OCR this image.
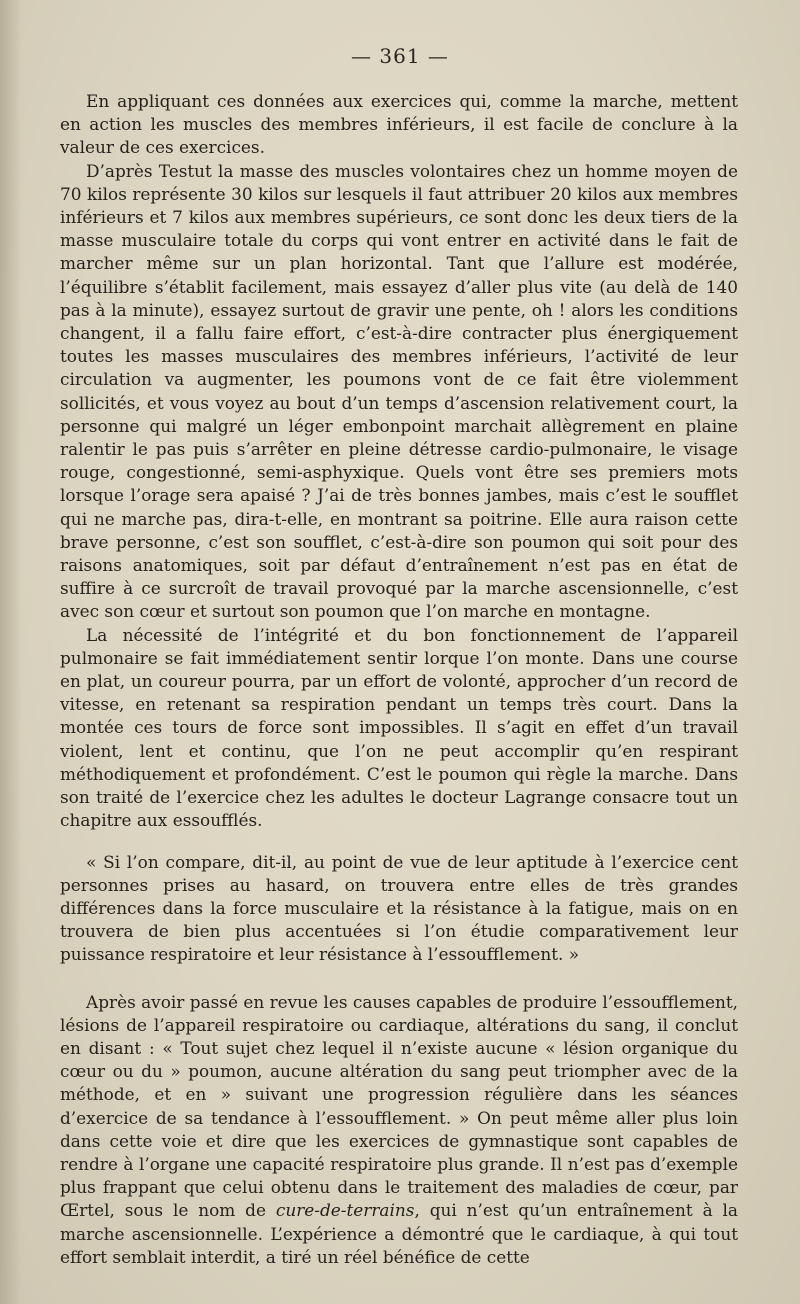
— 361 —

En appliquant ces données aux exercices qui, comme la marche, mettent en action les muscles des membres inférieurs, il est facile de conclure à la valeur de ces exercices.

D’après Testut la masse des muscles volontaires chez un homme moyen de 70 kilos représente 30 kilos sur lesquels il faut attribuer 20 kilos aux membres inférieurs et 7 kilos aux membres supérieurs, ce sont donc les deux tiers de la masse musculaire totale du corps qui vont entrer en activité dans le fait de marcher même sur un plan horizontal. Tant que l’allure est modérée, l’équilibre s’établit facilement, mais essayez d’aller plus vite (au delà de 140 pas à la minute), essayez surtout de gravir une pente, oh ! alors les conditions changent, il a fallu faire effort, c’est-à-dire contracter plus énergiquement toutes les masses musculaires des membres inférieurs, l’activité de leur circulation va augmenter, les poumons vont de ce fait être violemment sollicités, et vous voyez au bout d’un temps d’ascension relativement court, la personne qui malgré un léger embonpoint marchait allègrement en plaine ralentir le pas puis s’arrêter en pleine détresse cardio-pulmonaire, le visage rouge, congestionné, semi-asphyxique. Quels vont être ses premiers mots lorsque l’orage sera apaisé ? J’ai de très bonnes jambes, mais c’est le soufflet qui ne marche pas, dira-t-elle, en montrant sa poitrine. Elle aura raison cette brave personne, c’est son soufflet, c’est-à-dire son poumon qui soit pour des raisons anatomiques, soit par défaut d’entraînement n’est pas en état de suffire à ce surcroît de travail provoqué par la marche ascensionnelle, c’est avec son cœur et surtout son poumon que l’on marche en montagne.

La nécessité de l’intégrité et du bon fonctionnement de l’appareil pulmonaire se fait immédiatement sentir lorque l’on monte. Dans une course en plat, un coureur pourra, par un effort de volonté, approcher d’un record de vitesse, en retenant sa respiration pendant un temps très court. Dans la montée ces tours de force sont impossibles. Il s’agit en effet d’un travail violent, lent et continu, que l’on ne peut accomplir qu’en respirant méthodiquement et profondément. C’est le poumon qui règle la marche. Dans son traité de l’exercice chez les adultes le docteur Lagrange consacre tout un chapitre aux essoufflés.

« Si l’on compare, dit-il, au point de vue de leur aptitude à l’exercice cent personnes prises au hasard, on trouvera entre elles de très grandes différences dans la force musculaire et la résistance à la fatigue, mais on en trouvera de bien plus accentuées si l’on étudie comparativement leur puissance respiratoire et leur résistance à l’essoufflement. »

Après avoir passé en revue les causes capables de produire l’essoufflement, lésions de l’appareil respiratoire ou cardiaque, altérations du sang, il conclut en disant : « Tout sujet chez lequel il n’existe aucune « lésion organique du cœur ou du » poumon, aucune altération du sang peut triompher avec de la méthode, et en » suivant une progression régulière dans les séances d’exercice de sa tendance à l’essoufflement. » On peut même aller plus loin dans cette voie et dire que les exercices de gymnastique sont capables de rendre à l’organe une capacité respiratoire plus grande. Il n’est pas d’exemple plus frappant que celui obtenu dans le traitement des maladies de cœur, par Œrtel, sous le nom de cure-de-terrains, qui n’est qu’un entraînement à la marche ascensionnelle. L’expérience a démontré que le cardiaque, à qui tout effort semblait interdit, a tiré un réel bénéfice de cette
